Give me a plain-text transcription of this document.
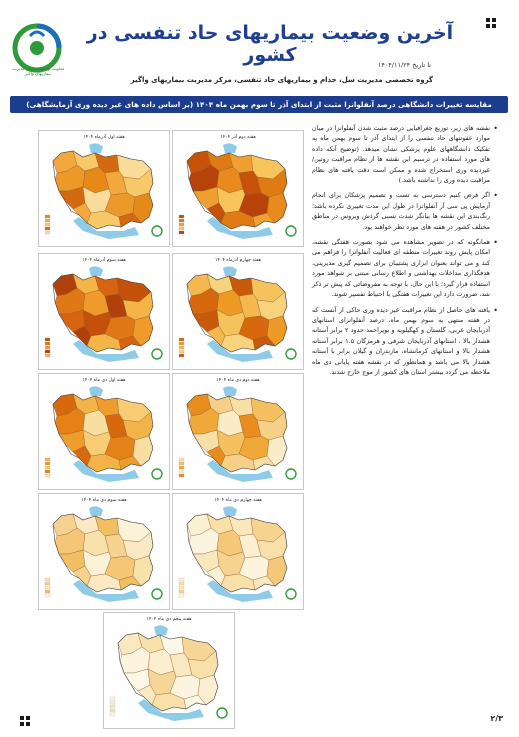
معاونت بهداشت مرکز مدیریت بیماریهای واگیر
آخرین وضعیت بیماریهای حاد تنفسی در کشور	تا تاریخ ۱۴۰۴/۱۱/۲۴
گروه تخصصی مدیریت سل، جذام و بیماریهای حاد تنفسی، مرکز مدیریت بیماریهای واگیر
مقایسه تغییرات دانشگاهی درصد آنفلوانزا مثبت از ابتدای آذر تا سوم بهمن ماه ۱۴۰۴ (بر اساس داده های غیر دیده وری آزمایشگاهی)
هفته دوم آذر ۱۴۰۴
هفته اول آذرماه ۱۴۰۴
هفته چهارم آذرماه ۱۴۰۴
هفته سوم آذرماه ۱۴۰۴
هفته دوم دی ماه ۱۴۰۴
هفته اول دی ماه ۱۴۰۴
هفته چهارم دی ماه ۱۴۰۴
هفته سوم دی ماه ۱۴۰۴
هفته پنجم دی ماه ۱۴۰۴

• نقشه های زیر، توزیع جغرافیایی درصد مثبت شدن آنفلوانزا در میان موارد عفونتهای حاد تنفسی را از ابتدای آذر تا سوم بهمن ماه به تفکیک دانشگاههای علوم پزشکی نشان میدهد. (توضیح آنکه داده های مورد استفاده در ترسیم این نقشه ها از نظام مراقبت روتین/غیردیده وری استخراج شده و ممکن است دقت یافته های نظام مراقبت دیده وری را نداشته باشد.)

• اگر فرض کنیم دسترسی به تست و تصمیم پزشکان برای انجام آزمایش پی سی آر آنفلوانزا در طول این مدت تغییری نکرده باشد؛ رنگ‌بندی این نقشه ها بیانگر شدت نسبی گردش ویروس در مناطق مختلف کشور در هفته های مورد نظر خواهند بود.

• همانگونه که در تصویر مشاهده می شود بصورت هفتگی نقشه، امکان پایش روند تغییرات منطقه ای فعالیت آنفلوانزا را فراهم می کند و می تواند بعنوان ابزاری پشتیبان برای تصمیم گیری مدیریتی، هدفگذاری مداخلات بهداشتی و اطلاع رسانی مبتنی بر شواهد مورد استفاده قرار گیرد؛ با این حال، با توجه به مفروضاتی که پیش تر ذکر شد، ضرورت دارد این تغییرات هفتگی با احتیاط تفسیر شوند.

• یافته های حاصل از نظام مراقبت غیر دیده وری حاکی از آنست که در هفته منتهی به سوم بهمن ماه، درصد آنفلوانزای استانهای آذربایجان غربی، گلستان و کهگیلویه و بویراحمد حدود ۲ برابر آستانه هشدار بالا ، استانهای آذربایجان شرقی و هرمزگان ۱.۵ برابر آستانه هشدار بالا و استانهای کرمانشاه، مازندران و گیلان برابر با آستانه هشدار بالا می باشد و همانطور که در نقشه هفته پایانی دی ماه ملاحظه می گردد بیشتر استان های کشور از موج خارج شدند.

۲/۳
